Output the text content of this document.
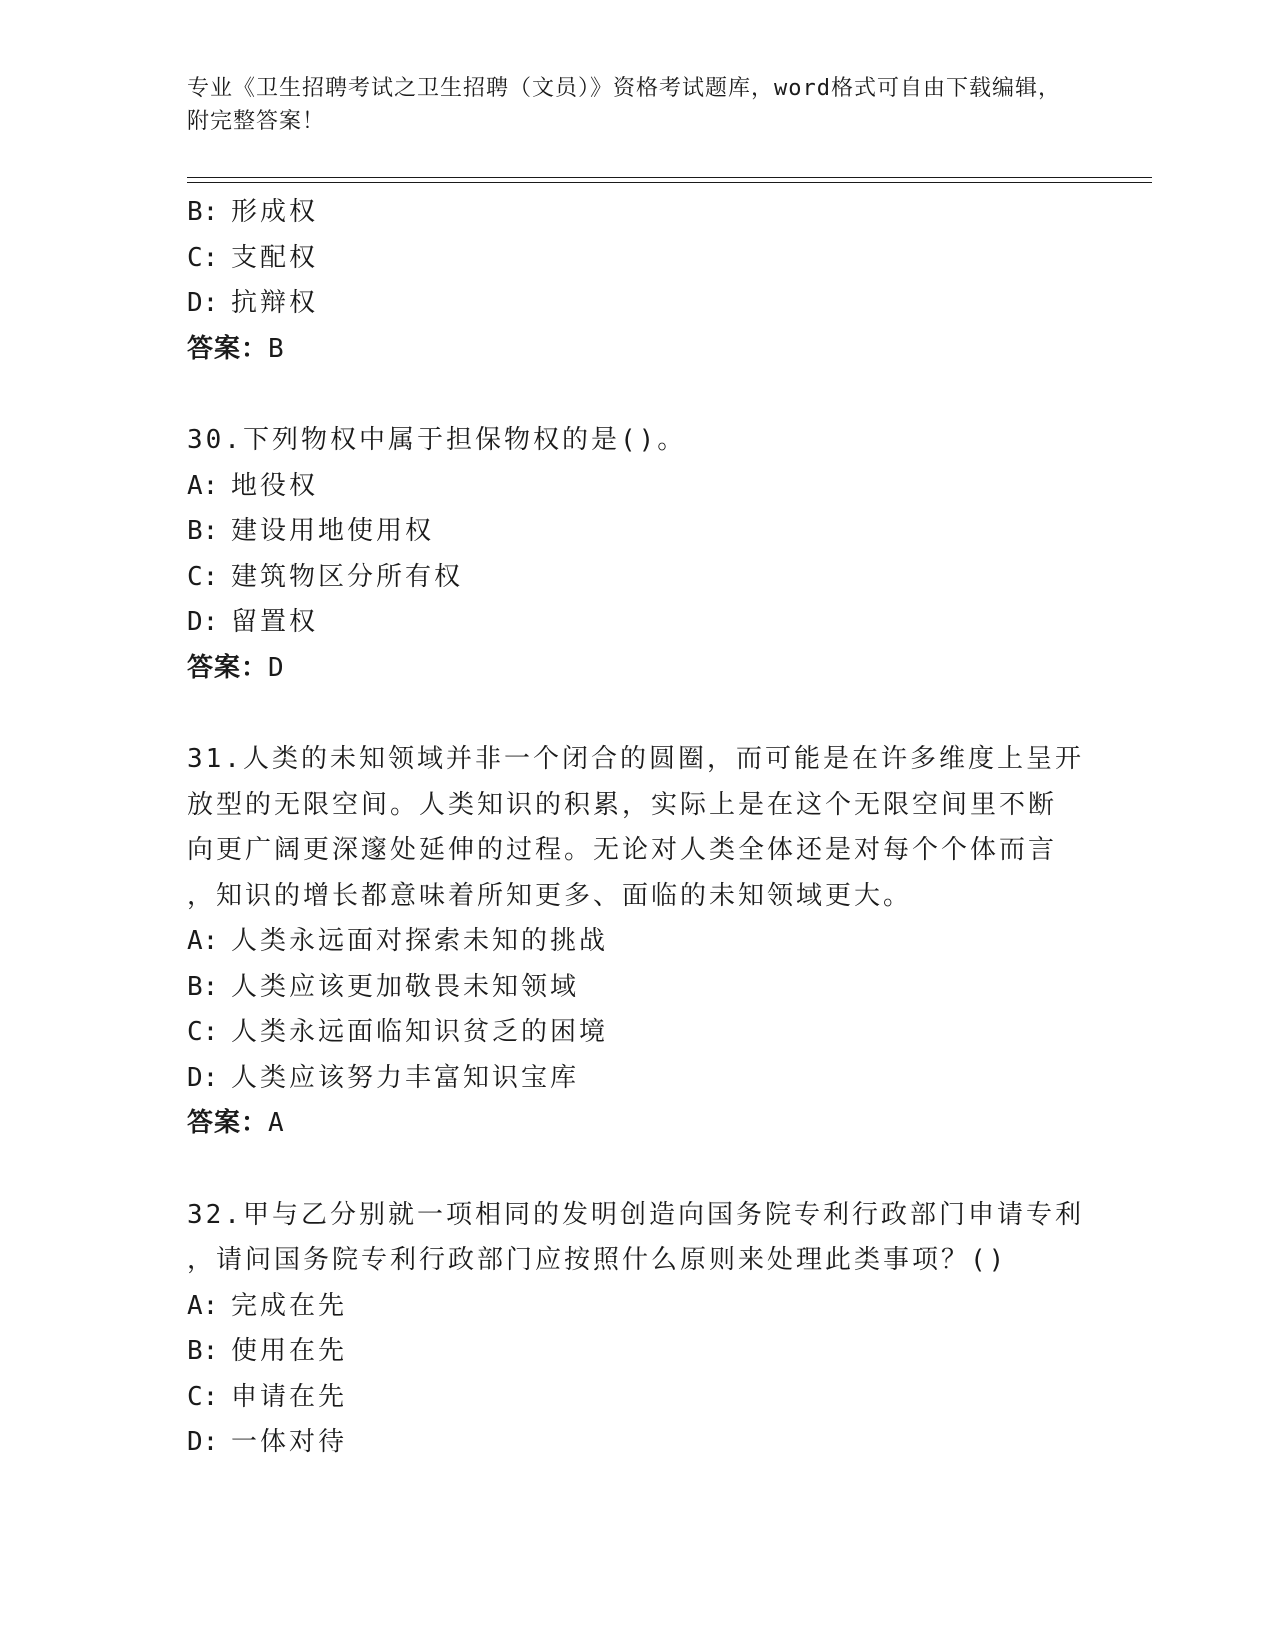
专业《卫生招聘考试之卫生招聘（文员）》资格考试题库，word格式可自由下载编辑，附完整答案！
B: 形成权
C: 支配权
D: 抗辩权
答案：B
30.下列物权中属于担保物权的是()。
A: 地役权
B: 建设用地使用权
C: 建筑物区分所有权
D: 留置权
答案：D
31.人类的未知领域并非一个闭合的圆圈，而可能是在许多维度上呈开
放型的无限空间。人类知识的积累，实际上是在这个无限空间里不断
向更广阔更深邃处延伸的过程。无论对人类全体还是对每个个体而言
，知识的增长都意味着所知更多、面临的未知领域更大。
A: 人类永远面对探索未知的挑战
B: 人类应该更加敬畏未知领域
C: 人类永远面临知识贫乏的困境
D: 人类应该努力丰富知识宝库
答案：A
32.甲与乙分别就一项相同的发明创造向国务院专利行政部门申请专利
，请问国务院专利行政部门应按照什么原则来处理此类事项？()
A: 完成在先
B: 使用在先
C: 申请在先
D: 一体对待
